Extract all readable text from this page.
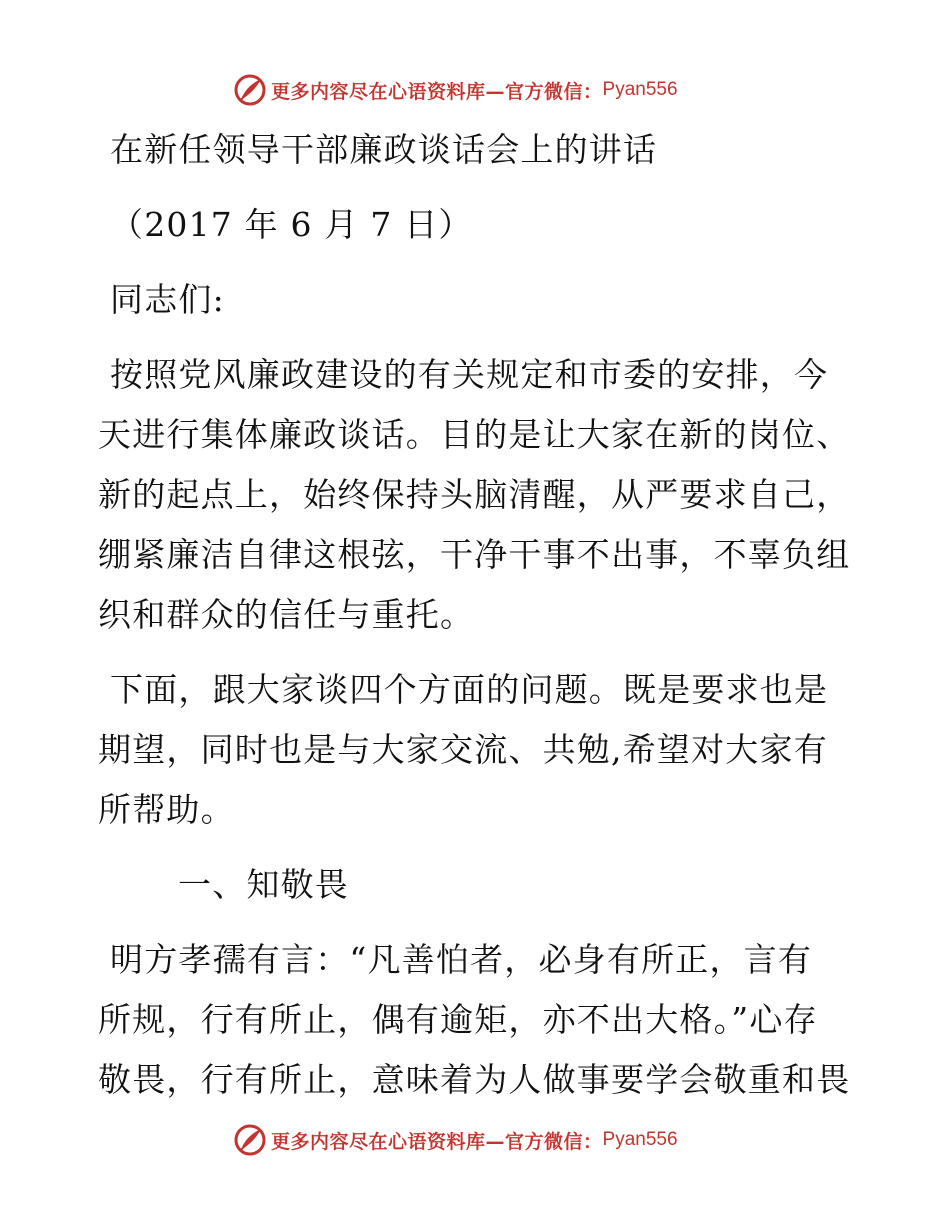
更多内容尽在心语资料库—官方微信： Pyan556
在新任领导干部廉政谈话会上的讲话
（2017 年 6 月 7 日）
同志们:
按照党风廉政建设的有关规定和市委的安排，今
天进行集体廉政谈话。目的是让大家在新的岗位、
新的起点上，始终保持头脑清醒，从严要求自己，
绷紧廉洁自律这根弦，干净干事不出事，不辜负组
织和群众的信任与重托。
下面，跟大家谈四个方面的问题。既是要求也是
期望，同时也是与大家交流、共勉,希望对大家有
所帮助。
一、知敬畏
明方孝孺有言：“凡善怕者，必身有所正，言有
所规，行有所止，偶有逾矩，亦不出大格。”心存
敬畏，行有所止，意味着为人做事要学会敬重和畏
更多内容尽在心语资料库—官方微信： Pyan556
